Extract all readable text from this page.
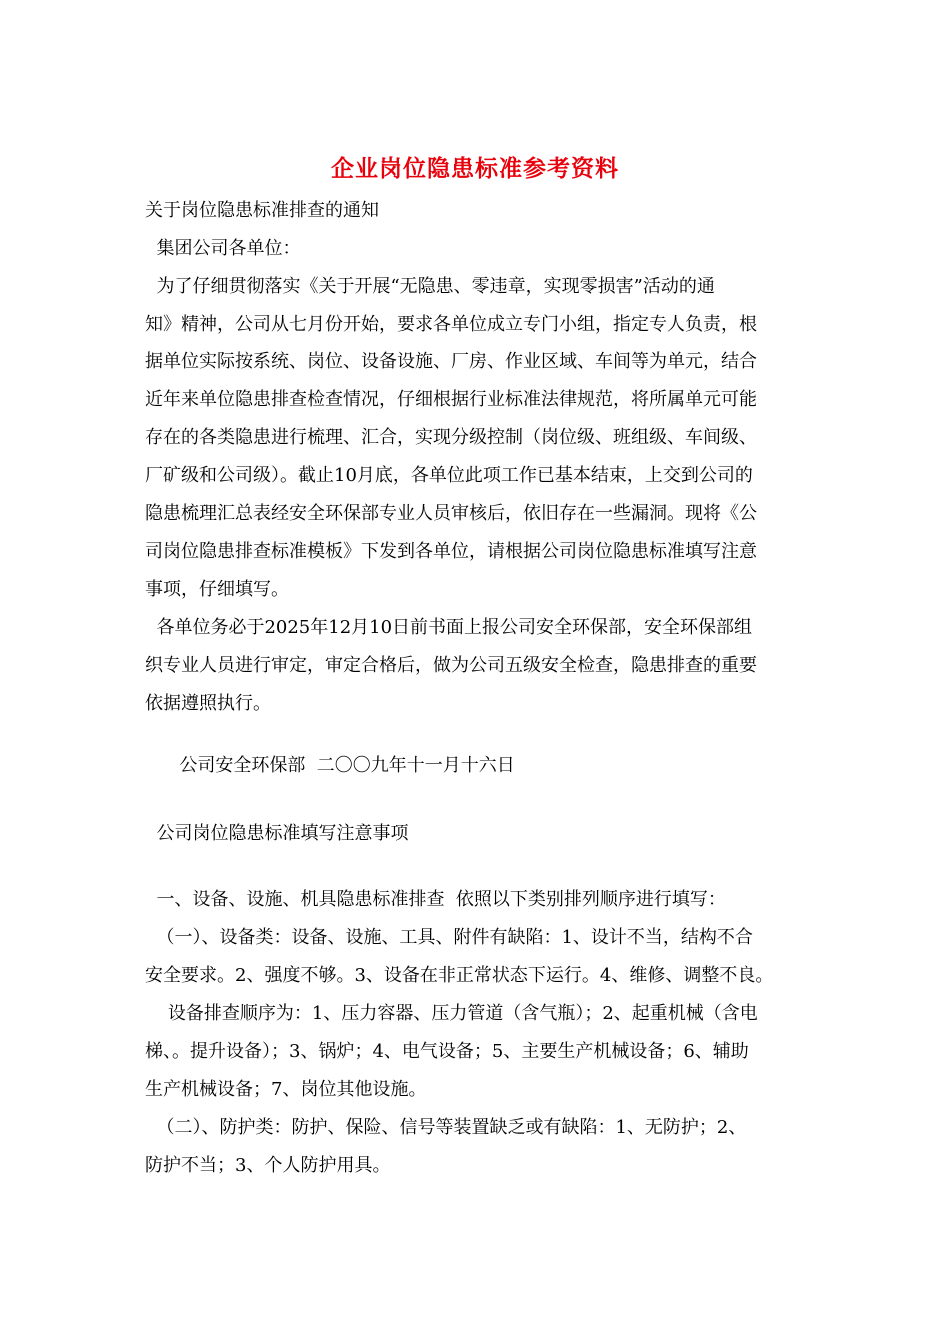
企业岗位隐患标准参考资料
关于岗位隐患标准排查的通知
集团公司各单位：
为了仔细贯彻落实《关于开展“无隐患、零违章，实现零损害”活动的通
知》精神，公司从七月份开始，要求各单位成立专门小组，指定专人负责，根
据单位实际按系统、岗位、设备设施、厂房、作业区域、车间等为单元，结合
近年来单位隐患排查检查情况，仔细根据行业标准法律规范，将所属单元可能
存在的各类隐患进行梳理、汇合，实现分级控制（岗位级、班组级、车间级、
厂矿级和公司级）。截止10月底，各单位此项工作已基本结束，上交到公司的
隐患梳理汇总表经安全环保部专业人员审核后，依旧存在一些漏洞。现将《公
司岗位隐患排查标准模板》下发到各单位，请根据公司岗位隐患标准填写注意
事项，仔细填写。
各单位务必于2025年12月10日前书面上报公司安全环保部，安全环保部组
织专业人员进行审定，审定合格后，做为公司五级安全检查，隐患排查的重要
依据遵照执行。
公司安全环保部  二〇〇九年十一月十六日
公司岗位隐患标准填写注意事项
一、设备、设施、机具隐患标准排查  依照以下类别排列顺序进行填写：
（一）、设备类：设备、设施、工具、附件有缺陷：1、设计不当，结构不合
安全要求。2、强度不够。3、设备在非正常状态下运行。4、维修、调整不良。
设备排查顺序为：1、压力容器、压力管道（含气瓶）；2、起重机械（含电
梯、。提升设备）；3、锅炉；4、电气设备；5、主要生产机械设备；6、辅助
生产机械设备；7、岗位其他设施。
（二）、防护类：防护、保险、信号等装置缺乏或有缺陷：1、无防护；2、
防护不当；3、个人防护用具。
